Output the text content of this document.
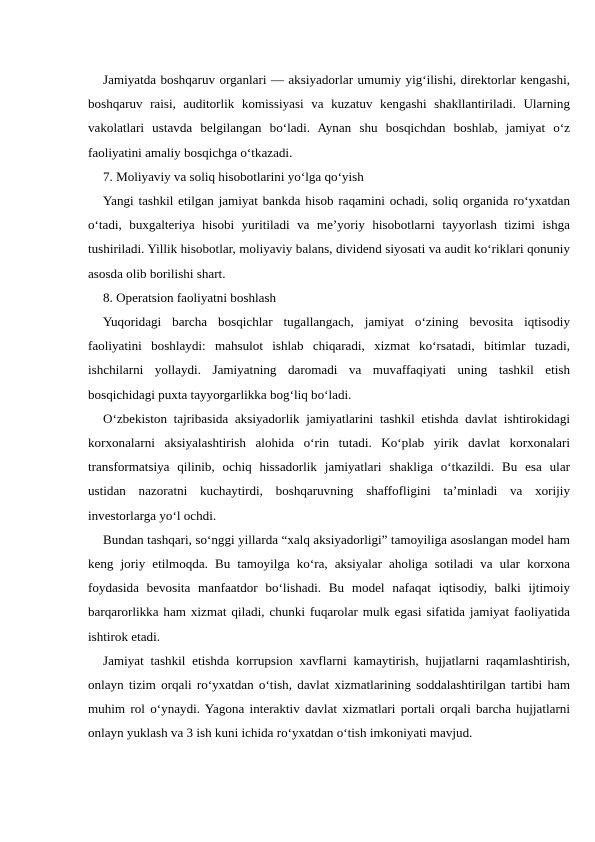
Jamiyatda boshqaruv organlari — aksiyadorlar umumiy yig‘ilishi, direktorlar kengashi, boshqaruv raisi, auditorlik komissiyasi va kuzatuv kengashi shakllantiriladi. Ularning vakolatlari ustavda belgilangan bo‘ladi. Aynan shu bosqichdan boshlab, jamiyat o‘z faoliyatini amaliy bosqichga o‘tkazadi.

7. Moliyaviy va soliq hisobotlarini yo‘lga qo‘yish

Yangi tashkil etilgan jamiyat bankda hisob raqamini ochadi, soliq organida ro‘yxatdan o‘tadi, buxgalteriya hisobi yuritiladi va me’yoriy hisobotlarni tayyorlash tizimi ishga tushiriladi. Yillik hisobotlar, moliyaviy balans, dividend siyosati va audit ko‘riklari qonuniy asosda olib borilishi shart.

8. Operatsion faoliyatni boshlash

Yuqoridagi barcha bosqichlar tugallangach, jamiyat o‘zining bevosita iqtisodiy faoliyatini boshlaydi: mahsulot ishlab chiqaradi, xizmat ko‘rsatadi, bitimlar tuzadi, ishchilarni yollaydi. Jamiyatning daromadi va muvaffaqiyati uning tashkil etish bosqichidagi puxta tayyorgarlikka bog‘liq bo‘ladi.

O‘zbekiston tajribasida aksiyadorlik jamiyatlarini tashkil etishda davlat ishtirokidagi korxonalarni aksiyalashtirish alohida o‘rin tutadi. Ko‘plab yirik davlat korxonalari transformatsiya qilinib, ochiq hissadorlik jamiyatlari shakliga o‘tkazildi. Bu esa ular ustidan nazoratni kuchaytirdi, boshqaruvning shaffofligini ta’minladi va xorijiy investorlarga yo‘l ochdi.

Bundan tashqari, so‘nggi yillarda “xalq aksiyadorligi” tamoyiliga asoslangan model ham keng joriy etilmoqda. Bu tamoyilga ko‘ra, aksiyalar aholiga sotiladi va ular korxona foydasida bevosita manfaatdor bo‘lishadi. Bu model nafaqat iqtisodiy, balki ijtimoiy barqarorlikka ham xizmat qiladi, chunki fuqarolar mulk egasi sifatida jamiyat faoliyatida ishtirok etadi.

Jamiyat tashkil etishda korrupsion xavflarni kamaytirish, hujjatlarni raqamlashtirish, onlayn tizim orqali ro‘yxatdan o‘tish, davlat xizmatlarining soddalashtirilgan tartibi ham muhim rol o‘ynaydi. Yagona interaktiv davlat xizmatlari portali orqali barcha hujjatlarni onlayn yuklash va 3 ish kuni ichida ro‘yxatdan o‘tish imkoniyati mavjud.
